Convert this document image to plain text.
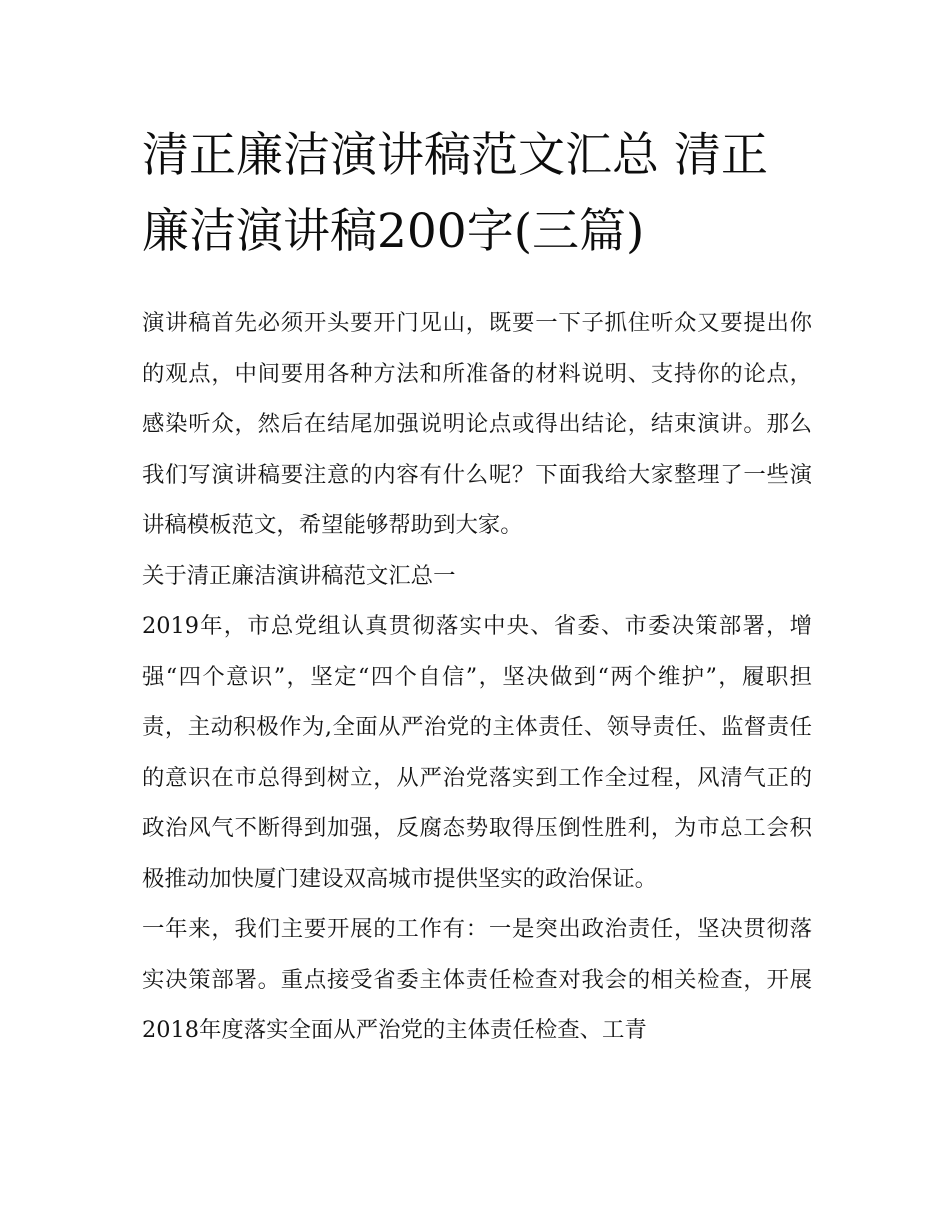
清正廉洁演讲稿范文汇总 清正廉洁演讲稿200字(三篇)

演讲稿首先必须开头要开门见山，既要一下子抓住听众又要提出你的观点，中间要用各种方法和所准备的材料说明、支持你的论点，感染听众，然后在结尾加强说明论点或得出结论，结束演讲。那么我们写演讲稿要注意的内容有什么呢？下面我给大家整理了一些演讲稿模板范文，希望能够帮助到大家。

关于清正廉洁演讲稿范文汇总一

2019年，市总党组认真贯彻落实中央、省委、市委决策部署，增强“四个意识”，坚定“四个自信”，坚决做到“两个维护”，履职担责，主动积极作为,全面从严治党的主体责任、领导责任、监督责任的意识在市总得到树立，从严治党落实到工作全过程，风清气正的政治风气不断得到加强，反腐态势取得压倒性胜利，为市总工会积极推动加快厦门建设双高城市提供坚实的政治保证。

一年来，我们主要开展的工作有：一是突出政治责任，坚决贯彻落实决策部署。重点接受省委主体责任检查对我会的相关检查，开展2018年度落实全面从严治党的主体责任检查、工青
